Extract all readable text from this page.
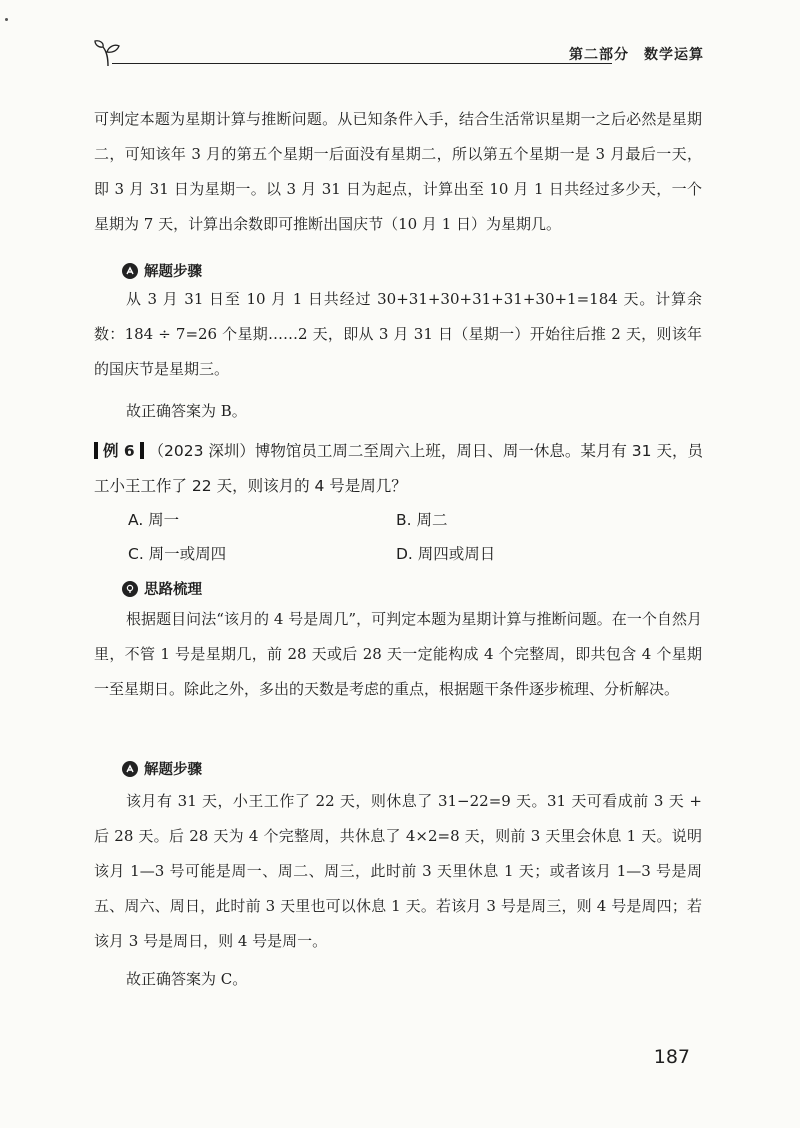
第二部分　数学运算

可判定本题为星期计算与推断问题。从已知条件入手，结合生活常识星期一之后必然是星期二，可知该年 3 月的第五个星期一后面没有星期二，所以第五个星期一是 3 月最后一天，即 3 月 31 日为星期一。以 3 月 31 日为起点，计算出至 10 月 1 日共经过多少天，一个星期为 7 天，计算出余数即可推断出国庆节（10 月 1 日）为星期几。

解题步骤

从 3 月 31 日至 10 月 1 日共经过 30+31+30+31+31+30+1=184 天。计算余数：184 ÷ 7=26 个星期……2 天，即从 3 月 31 日（星期一）开始往后推 2 天，则该年的国庆节是星期三。

故正确答案为 B。

例 6 （2023 深圳）博物馆员工周二至周六上班，周日、周一休息。某月有 31 天，员工小王工作了 22 天，则该月的 4 号是周几？
A. 周一	B. 周二
C. 周一或周四	D. 周四或周日
思路梳理

根据题目问法“该月的 4 号是周几”，可判定本题为星期计算与推断问题。在一个自然月里，不管 1 号是星期几，前 28 天或后 28 天一定能构成 4 个完整周，即共包含 4 个星期一至星期日。除此之外，多出的天数是考虑的重点，根据题干条件逐步梳理、分析解决。

解题步骤

该月有 31 天，小王工作了 22 天，则休息了 31−22=9 天。31 天可看成前 3 天 + 后 28 天。后 28 天为 4 个完整周，共休息了 4×2=8 天，则前 3 天里会休息 1 天。说明该月 1—3 号可能是周一、周二、周三，此时前 3 天里休息 1 天；或者该月 1—3 号是周五、周六、周日，此时前 3 天里也可以休息 1 天。若该月 3 号是周三，则 4 号是周四；若该月 3 号是周日，则 4 号是周一。

故正确答案为 C。

187
